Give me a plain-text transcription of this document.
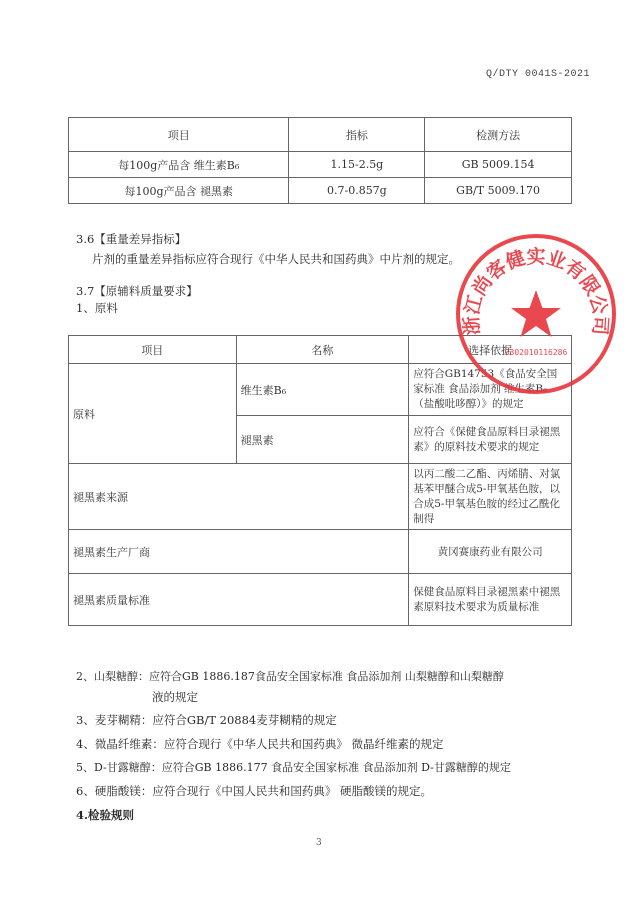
Q/DTY 0041S-2021
项目	指标	检测方法
每100g产品含 维生素B₆	1.15-2.5g	GB 5009.154
每100g产品含 褪黑素	0.7-0.857g	GB/T 5009.170
3.6【重量差异指标】
片剂的重量差异指标应符合现行《中华人民共和国药典》中片剂的规定。
3.7【原辅料质量要求】
1、原料
项目	名称	选择依据
原料	维生素B₆	应符合GB14753《食品安全国家标准 食品添加剂 维生素B₆（盐酸吡哆醇）》的规定
	褪黑素	应符合《保健食品原料目录褪黑素》的原料技术要求的规定
褪黑素来源		以丙二酸二乙酯、丙烯腈、对氯基苯甲醚合成5-甲氧基色胺，以合成5-甲氧基色胺的经过乙酰化制得
褪黑素生产厂商		黄冈赛康药业有限公司
褪黑素质量标准		保健食品原料目录褪黑素中褪黑素原料技术要求为质量标准
2、山梨糖醇：应符合GB 1886.187食品安全国家标准 食品添加剂 山梨糖醇和山梨糖醇
液的规定
3、麦芽糊精：应符合GB/T 20884麦芽糊精的规定
4、微晶纤维素：应符合现行《中华人民共和国药典》 微晶纤维素的规定
5、D-甘露糖醇：应符合GB 1886.177 食品安全国家标准 食品添加剂 D-甘露糖醇的规定
6、硬脂酸镁：应符合现行《中国人民共和国药典》 硬脂酸镁的规定。
4.检验规则
3
浙江尚客健实业有限公司
3302010116286
